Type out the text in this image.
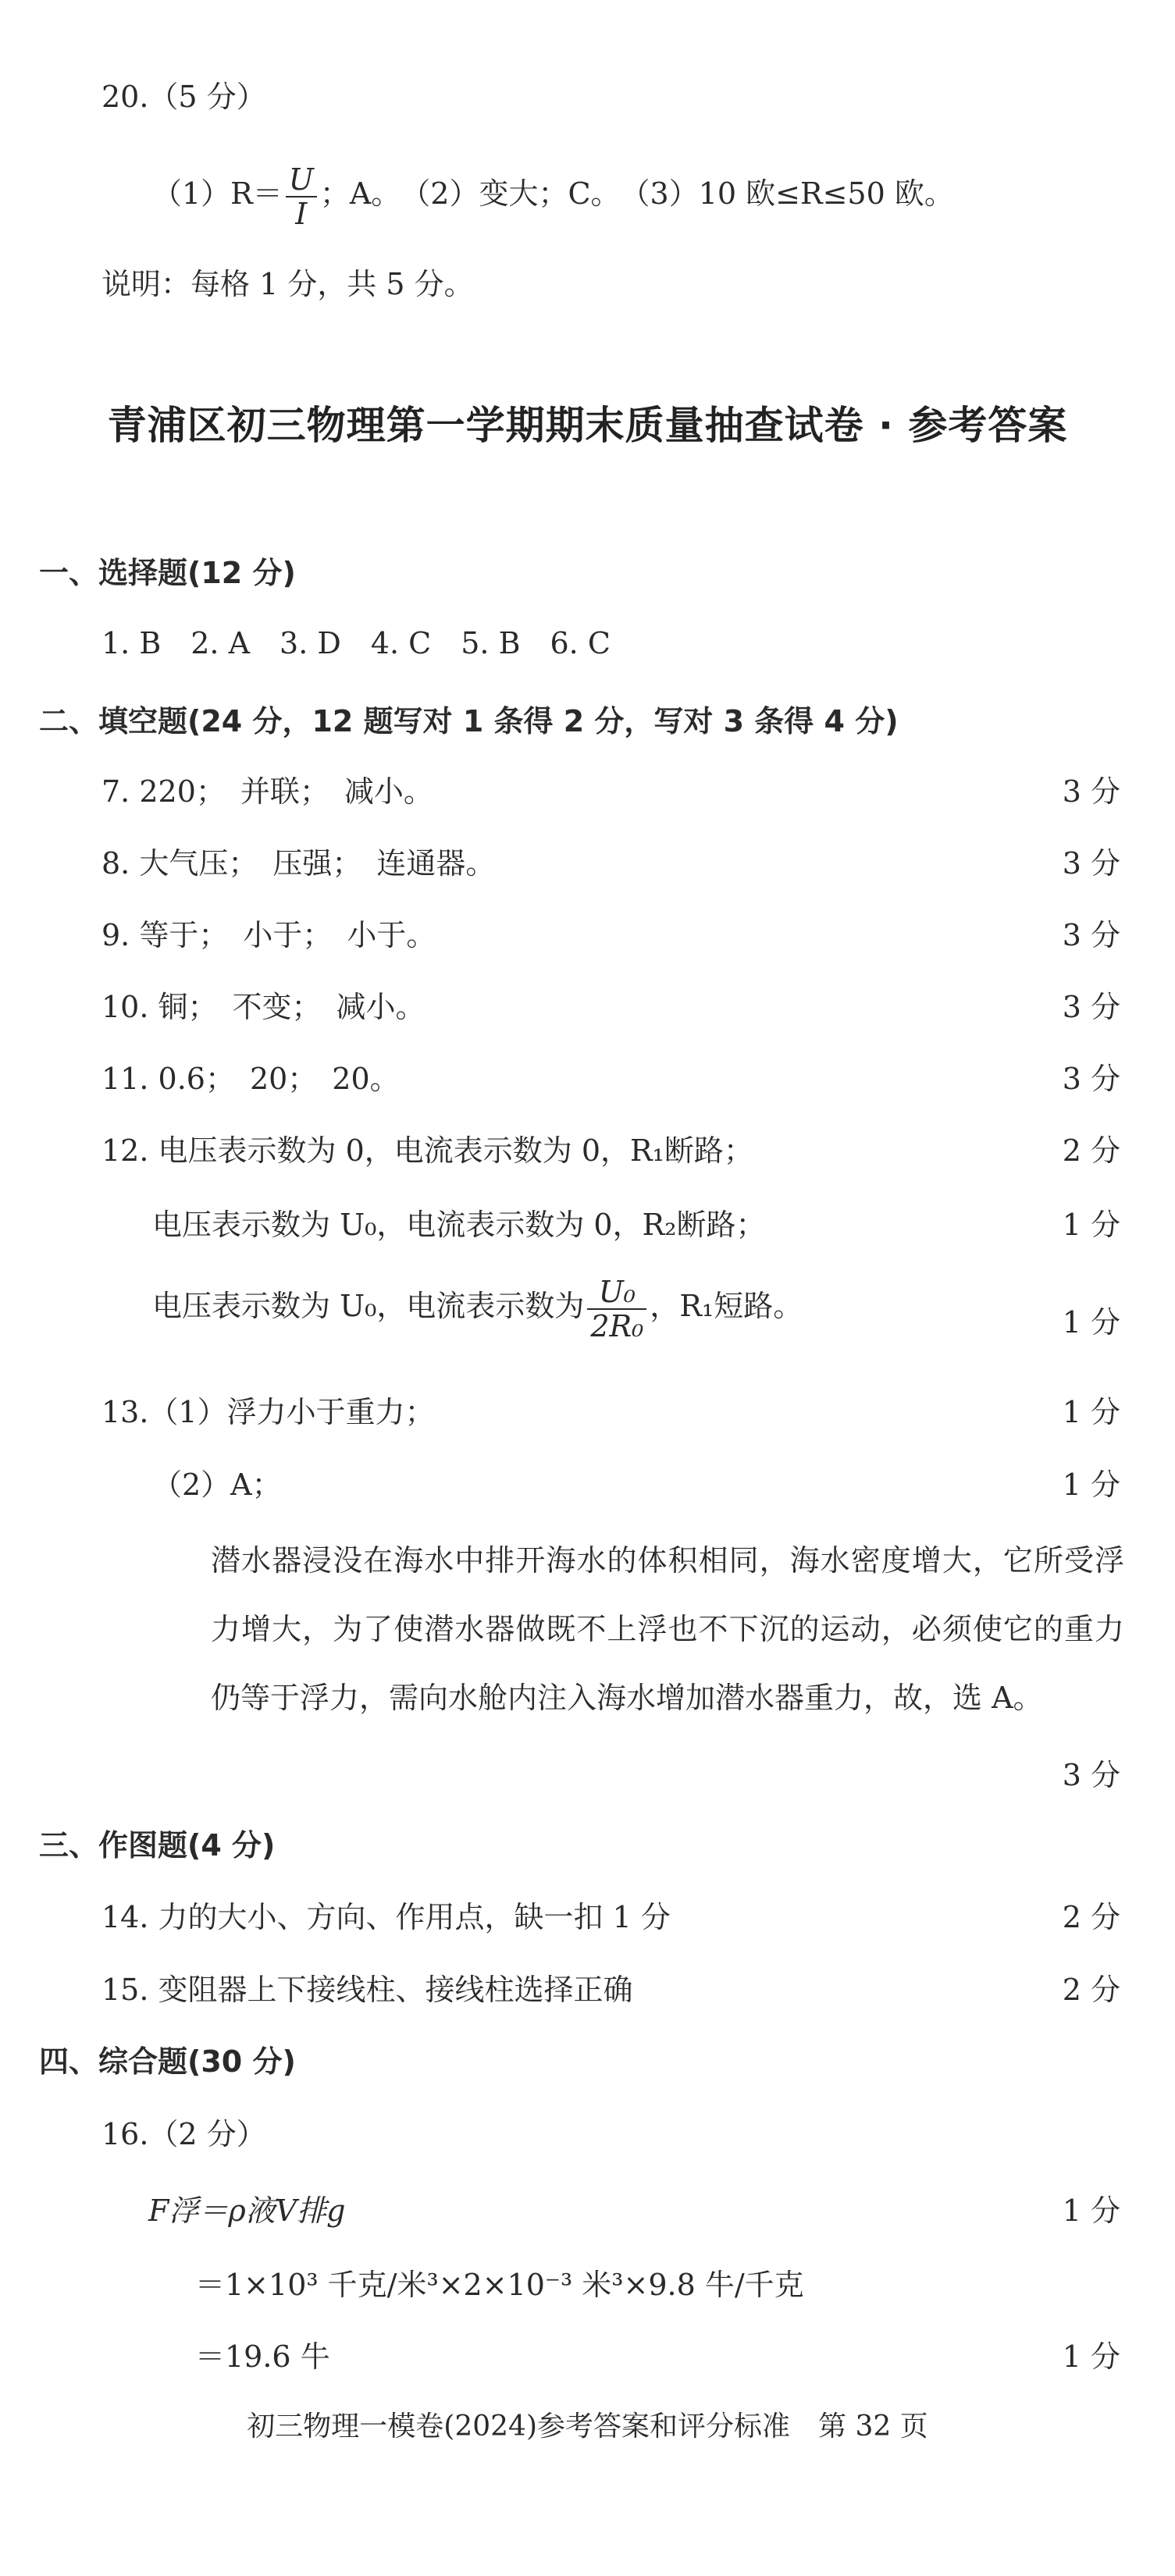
20.（5 分）
$(1)R= \frac{U}{I}$ ；A。　（2）变大；C。　（3）10 欧≤R≤50 欧。
说明：每格 1 分，共 5 分。
青浦区初三物理第一学期期末质量抽查试卷 · 参考答案
一、选择题(12 分)
1. B　2. A　3. D　4. C　5. B　6. C
二、填空题(24 分，12 题写对 1 条得 2 分，写对 3 条得 4 分)
7. 220；　并联；　减小。	3 分
8. 大气压；　压强；　连通器。	3 分
9. 等于；　小于；　小于。	3 分
10. 铜；　不变；　减小。	3 分
11. 0.6；　20；　20。	3 分
12. 电压表示数为 0，电流表示数为 0，R₁断路；	2 分
电压表示数为 U₀，电流表示数为 0，R₂断路；	1 分
电压表示数为 U₀，电流表示数为 $\frac{\text{U₀}}{\text{2R₀}}$ ，R₁短路。	1 分
13.（1）浮力小于重力；	1 分
（2）A；	1 分
潜水器浸没在海水中排开海水的体积相同，海水密度增大，它所受浮力增大，为了使潜水器做既不上浮也不下沉的运动，必须使它的重力仍等于浮力，需向水舱内注入海水增加潜水器重力，故，选 A。
3 分
三、作图题(4 分)
14. 力的大小、方向、作用点，缺一扣 1 分	2 分
15. 变阻器上下接线柱、接线柱选择正确	2 分
四、综合题(30 分)
16.（2 分）
F浮＝ρ液V排g	1 分
＝1×10³ 千克/米³×2×10⁻³ 米³×9.8 牛/千克
＝19.6 牛	1 分
初三物理一模卷(2024)参考答案和评分标准　第 32 页
